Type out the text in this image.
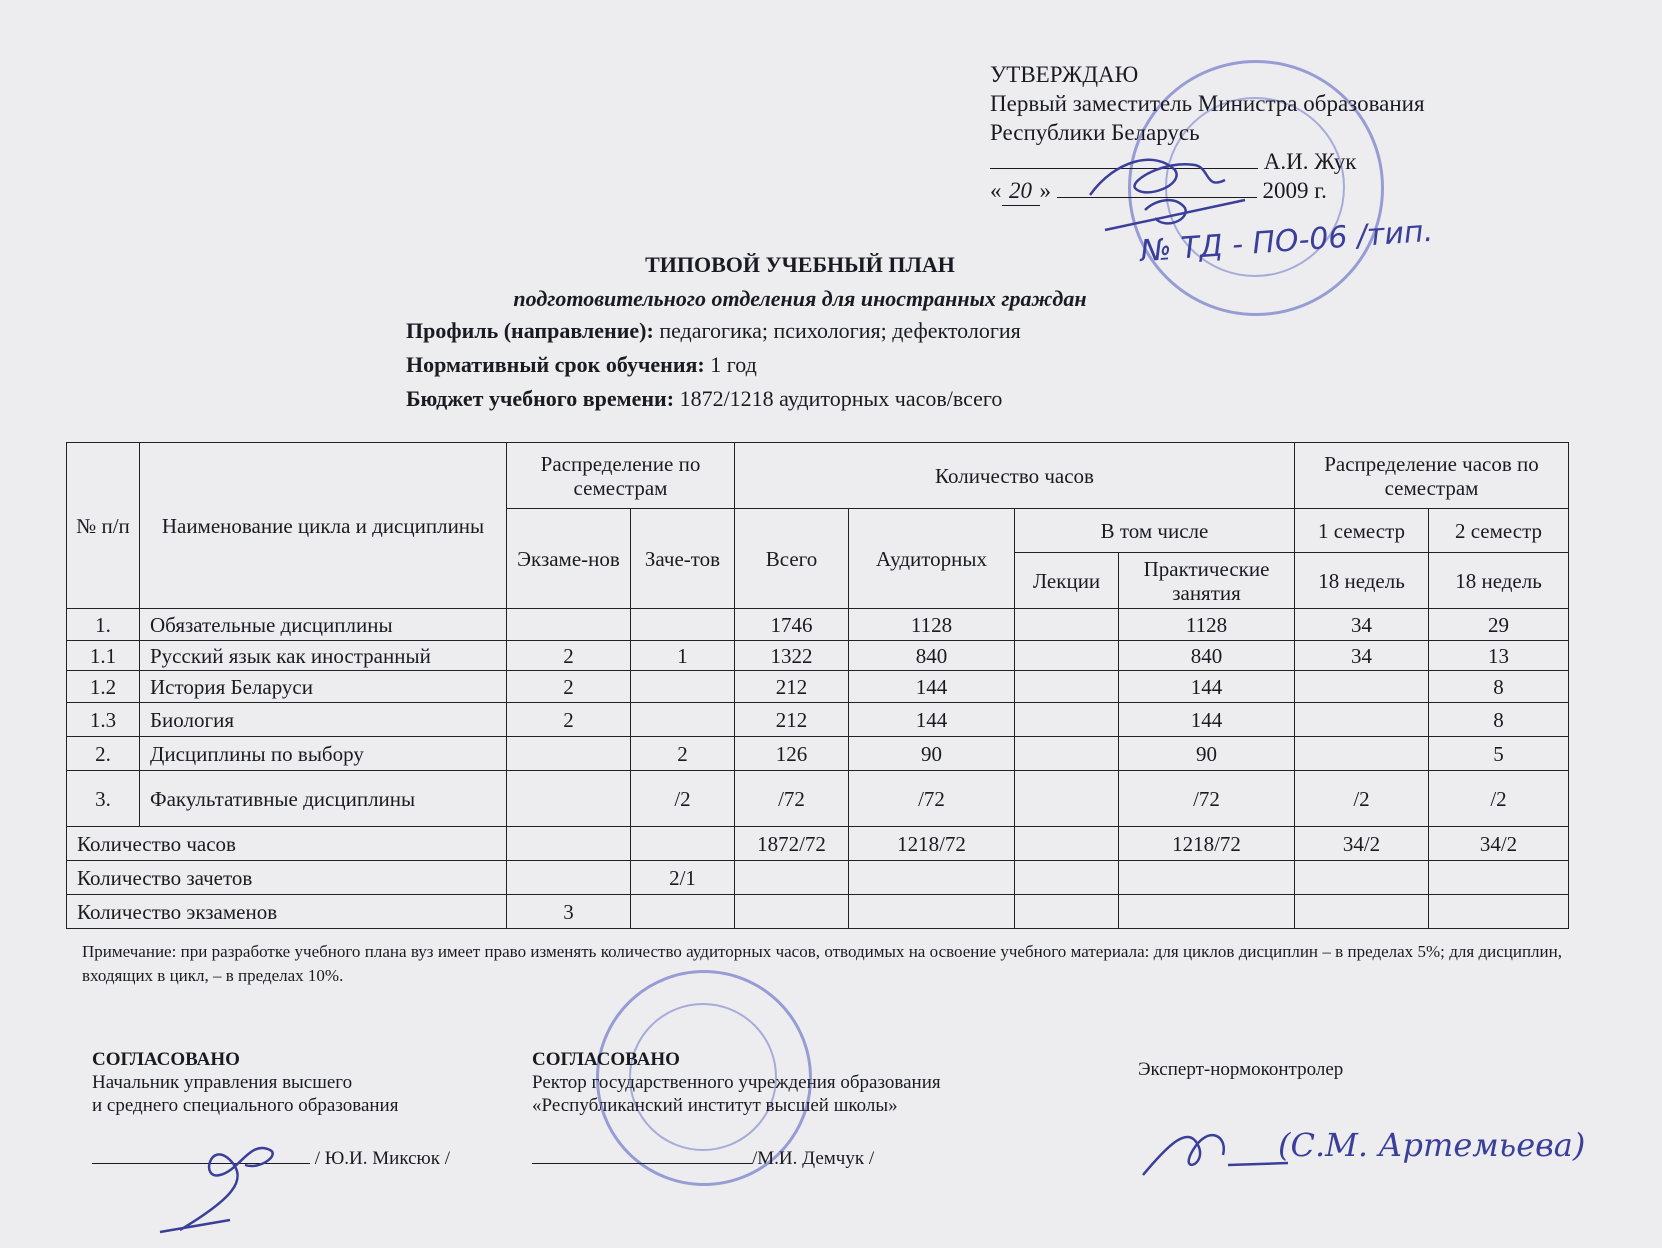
УТВЕРЖДАЮ
Первый заместитель Министра образования
Республики Беларусь
А.И. Жук
« 20 »	2009 г.
№ ТД - ПО-06 /тип.
ТИПОВОЙ УЧЕБНЫЙ ПЛАН
подготовительного отделения для иностранных граждан
Профиль (направление): педагогика; психология; дефектология
Нормативный срок обучения: 1 год
Бюджет учебного времени: 1872/1218 аудиторных часов/всего
№ п/п	Наименование цикла и дисциплины	Распределение по семестрам		Количество часов				Распределение часов по семестрам	
		Экзаме-нов	Заче-тов	Всего	Аудиторных	В том числе		1 семестр	2 семестр
						Лекции	Практические занятия	18 недель	18 недель
1.	Обязательные дисциплины			1746	1128		1128	34	29
1.1	Русский язык как иностранный	2	1	1322	840		840	34	13
1.2	История Беларуси	2		212	144		144		8
1.3	Биология	2		212	144		144		8
2.	Дисциплины по выбору		2	126	90		90		5
3.	Факультативные дисциплины		/2	/72	/72		/72	/2	/2
Количество часов				1872/72	1218/72		1218/72	34/2	34/2
Количество зачетов			2/1						
Количество экзаменов		3							
Примечание: при разработке учебного плана вуз имеет право изменять количество аудиторных часов, отводимых на освоение учебного материала: для циклов дисциплин – в пределах 5%; для дисциплин, входящих в цикл, – в пределах 10%.
СОГЛАСОВАНО
Начальник управления высшего
и среднего специального образования
/ Ю.И. Миксюк /
СОГЛАСОВАНО
Ректор государственного учреждения образования
«Республиканский институт высшей школы»
/М.И. Демчук /
Эксперт-нормоконтролер
(С.М. Артемьева)
